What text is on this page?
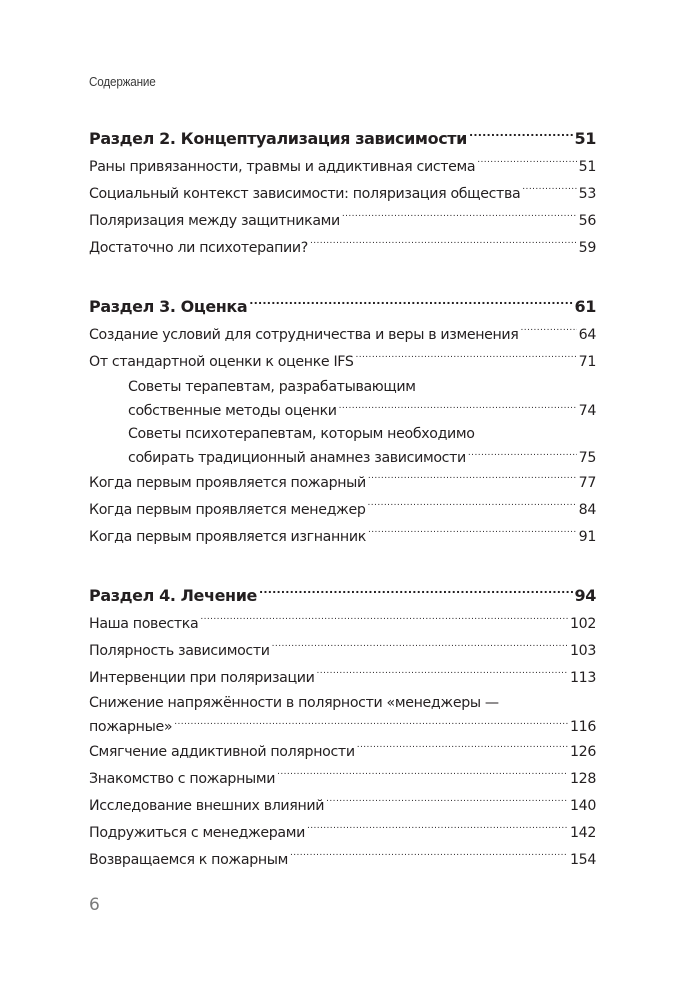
Содержание
Раздел 2. Концептуализация зависимости .....	51
Раны привязанности, травмы и аддиктивная система .....	51
Социальный контекст зависимости: поляризация общества .....	53
Поляризация между защитниками .....	56
Достаточно ли психотерапии? .....	59
Раздел 3. Оценка .....	61
Создание условий для сотрудничества и веры в изменения .....	64
От стандартной оценки к оценке IFS .....	71
Советы терапевтам, разрабатывающим
собственные методы оценки .....	74
Советы психотерапевтам, которым необходимо
собирать традиционный анамнез зависимости .....	75
Когда первым проявляется пожарный .....	77
Когда первым проявляется менеджер .....	84
Когда первым проявляется изгнанник .....	91
Раздел 4. Лечение .....	94
Наша повестка .....	102
Полярность зависимости .....	103
Интервенции при поляризации .....	113
Снижение напряжённости в полярности «менеджеры —
пожарные» .....	116
Смягчение аддиктивной полярности .....	126
Знакомство с пожарными .....	128
Исследование внешних влияний .....	140
Подружиться с менеджерами .....	142
Возвращаемся к пожарным .....	154
6
